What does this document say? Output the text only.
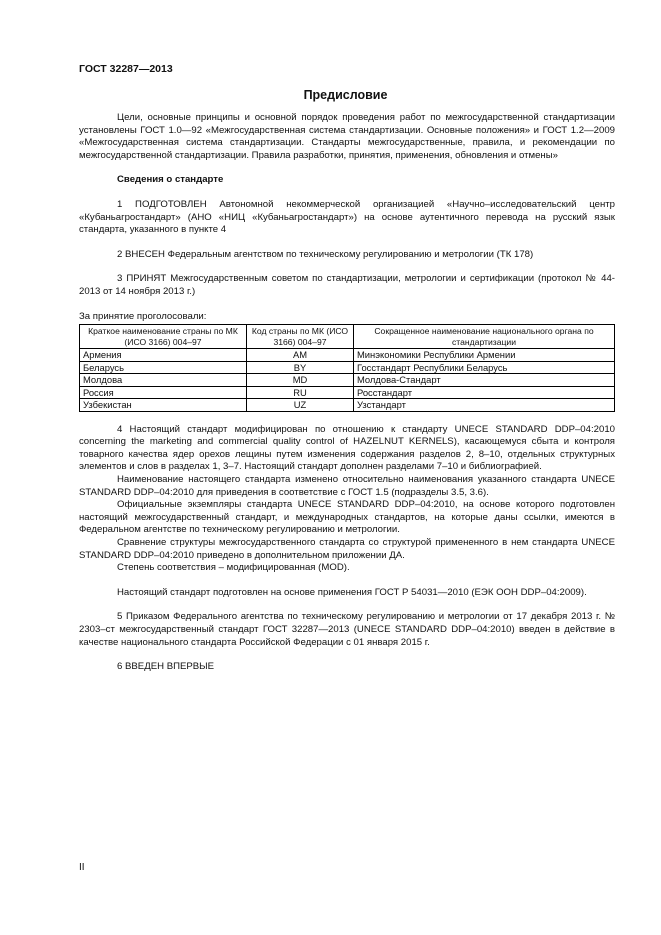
ГОСТ 32287—2013
Предисловие

Цели, основные принципы и основной порядок проведения работ по межгосударственной стандартизации установлены ГОСТ 1.0—92 «Межгосударственная система стандартизации. Основные положения» и ГОСТ 1.2—2009 «Межгосударственная система стандартизации. Стандарты межгосударственные, правила, и рекомендации по межгосударственной стандартизации. Правила разработки, принятия, применения, обновления и отмены»

Сведения о стандарте

1 ПОДГОТОВЛЕН Автономной некоммерческой организацией «Научно–исследовательский центр «Кубаньагростандарт» (АНО «НИЦ «Кубаньагростандарт») на основе аутентичного перевода на русский язык стандарта, указанного в пункте 4

2 ВНЕСЕН Федеральным агентством по техническому регулированию и метрологии (ТК 178)

3 ПРИНЯТ Межгосударственным советом по стандартизации, метрологии и сертификации (протокол № 44-2013 от 14 ноября 2013 г.)

За принятие проголосовали:

Краткое наименование страны по МК (ИСО 3166) 004–97	Код страны по МК (ИСО 3166) 004–97	Сокращенное наименование национального органа по стандартизации
Армения	AM	Минэкономики Республики Армении
Беларусь	BY	Госстандарт Республики Беларусь
Молдова	MD	Молдова-Стандарт
Россия	RU	Росстандарт
Узбекистан	UZ	Узстандарт

4 Настоящий стандарт модифицирован по отношению к стандарту UNECE STANDARD DDP–04:2010 concerning the marketing and commercial quality control of HAZELNUT KERNELS), касающемуся сбыта и контроля товарного качества ядер орехов лещины путем изменения содержания разделов 2, 8–10, отдельных структурных элементов и слов в разделах 1, 3–7. Настоящий стандарт дополнен разделами 7–10 и библиографией.

Наименование настоящего стандарта изменено относительно наименования указанного стандарта UNECE STANDARD DDP–04:2010 для приведения в соответствие с ГОСТ 1.5 (подразделы 3.5, 3.6).

Официальные экземпляры стандарта UNECE STANDARD DDP–04:2010, на основе которого подготовлен настоящий межгосударственный стандарт, и международных стандартов, на которые даны ссылки, имеются в Федеральном агентстве по техническому регулированию и метрологии.

Сравнение структуры межгосударственного стандарта со структурой примененного в нем стандарта UNECE STANDARD DDP–04:2010 приведено в дополнительном приложении ДА.

Степень соответствия – модифицированная (MOD).

Настоящий стандарт подготовлен на основе применения ГОСТ Р 54031—2010 (ЕЭК ООН DDP–04:2009).

5 Приказом Федерального агентства по техническому регулированию и метрологии от 17 декабря 2013 г. № 2303–ст межгосударственный стандарт ГОСТ 32287—2013 (UNECE STANDARD DDP–04:2010) введен в действие в качестве национального стандарта Российской Федерации с 01 января 2015 г.

6 ВВЕДЕН ВПЕРВЫЕ

II
